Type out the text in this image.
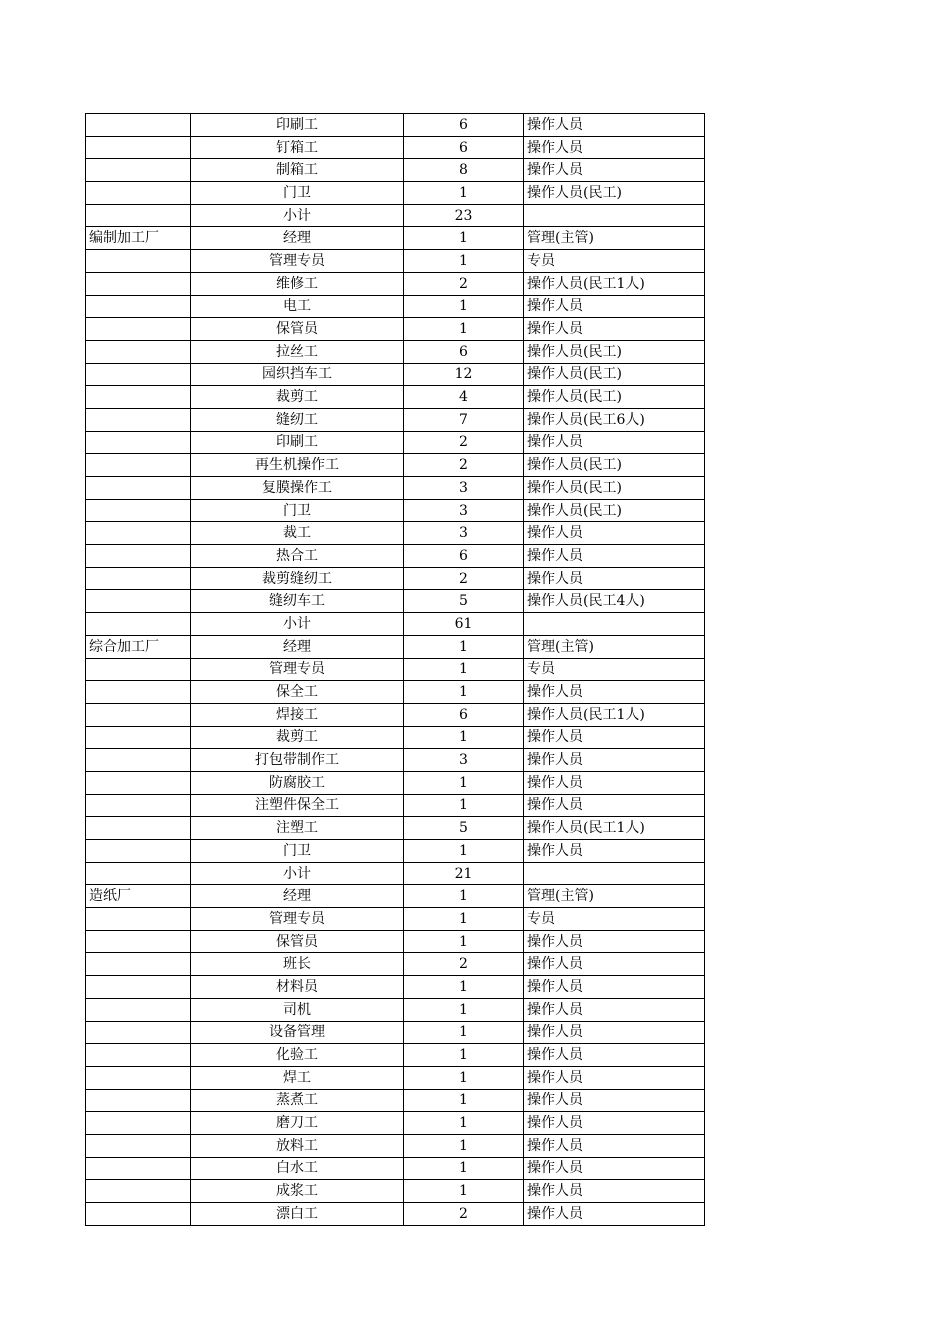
	印刷工	6	操作人员
	钉箱工	6	操作人员
	制箱工	8	操作人员
	门卫	1	操作人员(民工)
	小计	23	
编制加工厂	经理	1	管理(主管)
	管理专员	1	专员
	维修工	2	操作人员(民工1人)
	电工	1	操作人员
	保管员	1	操作人员
	拉丝工	6	操作人员(民工)
	园织挡车工	12	操作人员(民工)
	裁剪工	4	操作人员(民工)
	缝纫工	7	操作人员(民工6人)
	印刷工	2	操作人员
	再生机操作工	2	操作人员(民工)
	复膜操作工	3	操作人员(民工)
	门卫	3	操作人员(民工)
	裁工	3	操作人员
	热合工	6	操作人员
	裁剪缝纫工	2	操作人员
	缝纫车工	5	操作人员(民工4人)
	小计	61	
综合加工厂	经理	1	管理(主管)
	管理专员	1	专员
	保全工	1	操作人员
	焊接工	6	操作人员(民工1人)
	裁剪工	1	操作人员
	打包带制作工	3	操作人员
	防腐胶工	1	操作人员
	注塑件保全工	1	操作人员
	注塑工	5	操作人员(民工1人)
	门卫	1	操作人员
	小计	21	
造纸厂	经理	1	管理(主管)
	管理专员	1	专员
	保管员	1	操作人员
	班长	2	操作人员
	材料员	1	操作人员
	司机	1	操作人员
	设备管理	1	操作人员
	化验工	1	操作人员
	焊工	1	操作人员
	蒸煮工	1	操作人员
	磨刀工	1	操作人员
	放料工	1	操作人员
	白水工	1	操作人员
	成浆工	1	操作人员
	漂白工	2	操作人员
